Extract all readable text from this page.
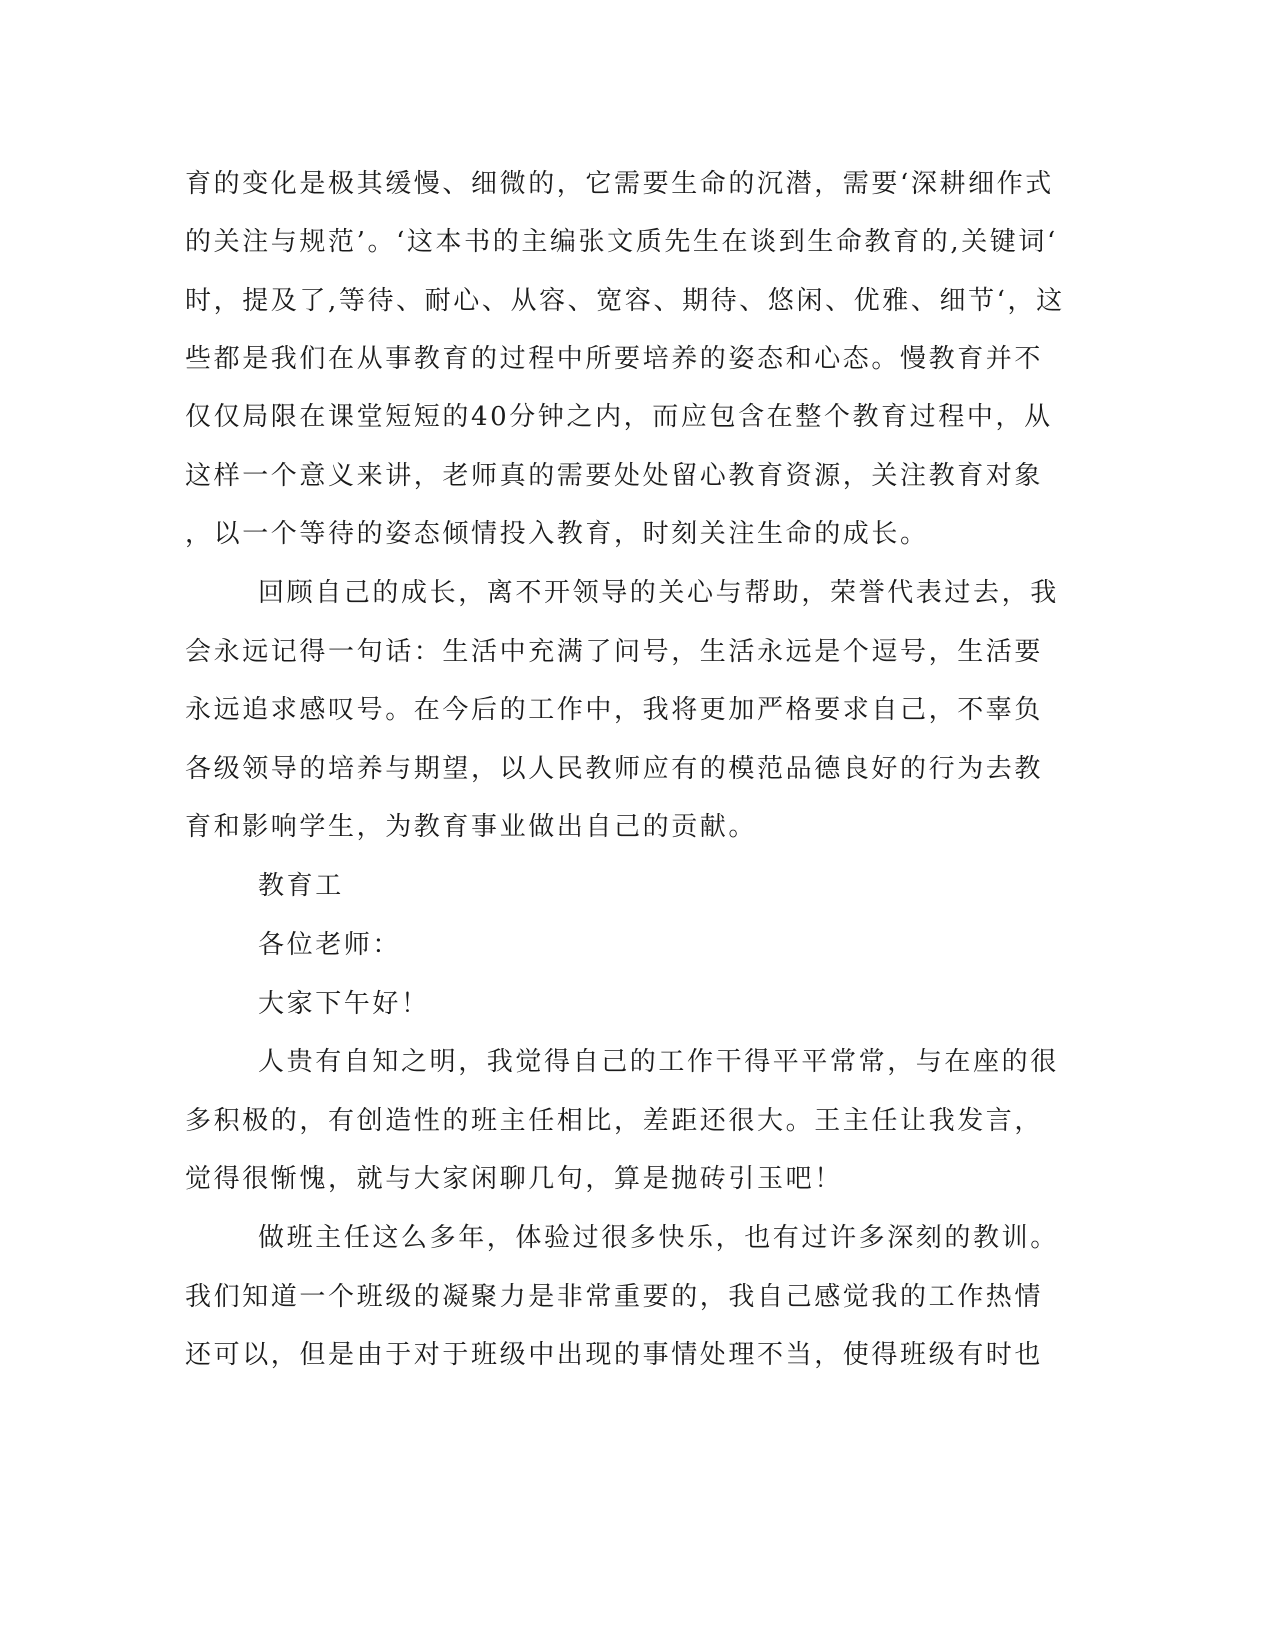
育的变化是极其缓慢、细微的，它需要生命的沉潜，需要‘深耕细作式
的关注与规范’。‘这本书的主编张文质先生在谈到生命教育的,关键词‘
时，提及了,等待、耐心、从容、宽容、期待、悠闲、优雅、细节‘，这
些都是我们在从事教育的过程中所要培养的姿态和心态。慢教育并不
仅仅局限在课堂短短的40分钟之内，而应包含在整个教育过程中，从
这样一个意义来讲，老师真的需要处处留心教育资源，关注教育对象
，以一个等待的姿态倾情投入教育，时刻关注生命的成长。
回顾自己的成长，离不开领导的关心与帮助，荣誉代表过去，我
会永远记得一句话：生活中充满了问号，生活永远是个逗号，生活要
永远追求感叹号。在今后的工作中，我将更加严格要求自己，不辜负
各级领导的培养与期望，以人民教师应有的模范品德良好的行为去教
育和影响学生，为教育事业做出自己的贡献。
教育工
各位老师：
大家下午好！
人贵有自知之明，我觉得自己的工作干得平平常常，与在座的很
多积极的，有创造性的班主任相比，差距还很大。王主任让我发言，
觉得很惭愧，就与大家闲聊几句，算是抛砖引玉吧！
做班主任这么多年，体验过很多快乐，也有过许多深刻的教训。
我们知道一个班级的凝聚力是非常重要的，我自己感觉我的工作热情
还可以，但是由于对于班级中出现的事情处理不当，使得班级有时也
